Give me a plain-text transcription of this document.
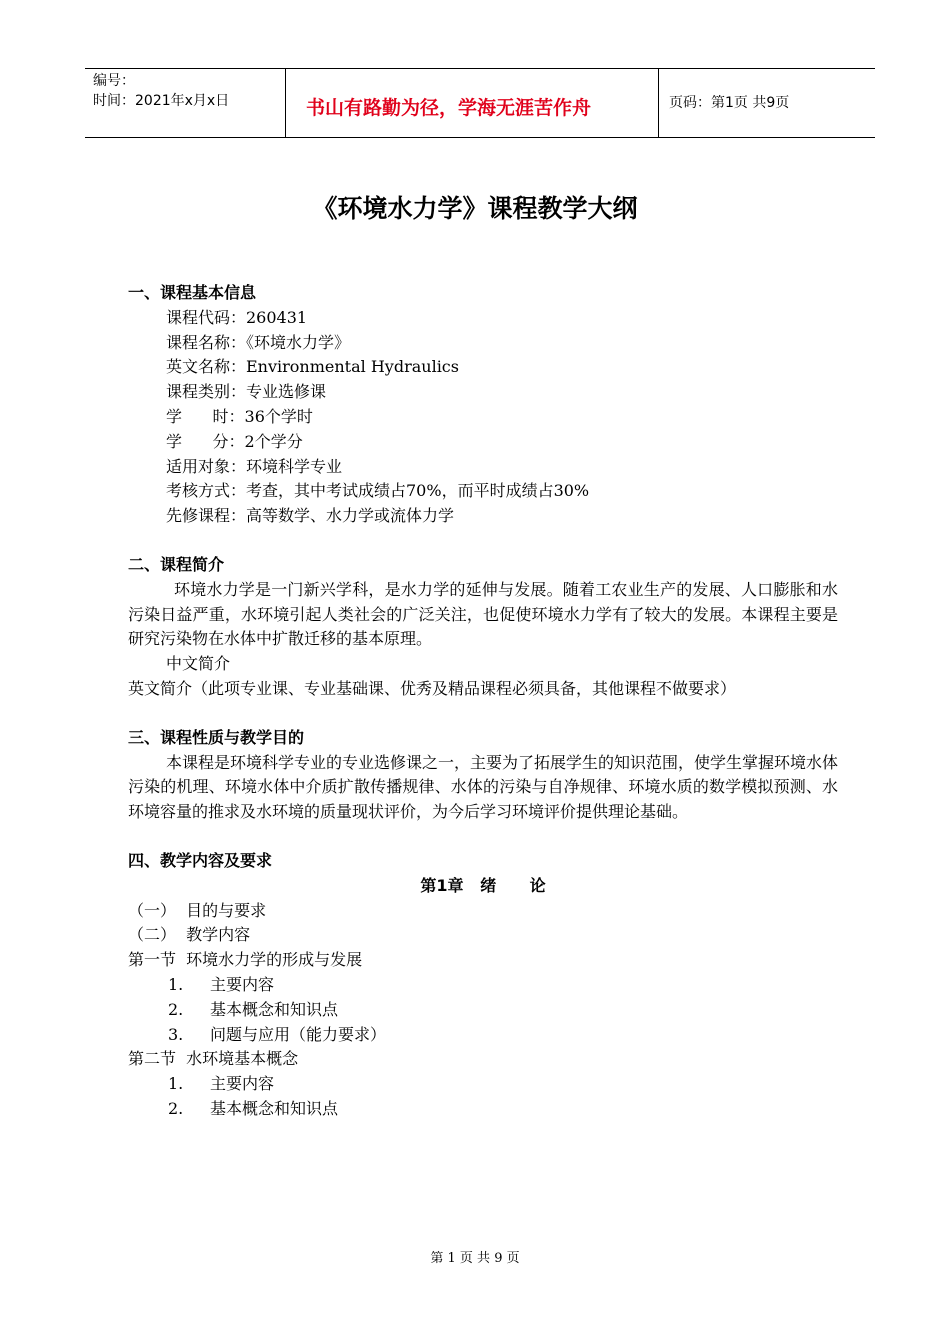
编号：
时间：2021年x月x日	书山有路勤为径，学海无涯苦作舟	页码：第1页 共9页
《环境水力学》课程教学大纲
一、课程基本信息
课程代码：260431
课程名称：《环境水力学》
英文名称：Environmental Hydraulics
课程类别：专业选修课
学      时：36个学时
学      分：2个学分
适用对象：环境科学专业
考核方式：考查，其中考试成绩占70%，而平时成绩占30%
先修课程：高等数学、水力学或流体力学
二、课程简介
环境水力学是一门新兴学科，是水力学的延伸与发展。随着工农业生产的发展、人口膨胀和水污染日益严重，水环境引起人类社会的广泛关注，也促使环境水力学有了较大的发展。本课程主要是研究污染物在水体中扩散迁移的基本原理。
中文简介
英文简介（此项专业课、专业基础课、优秀及精品课程必须具备，其他课程不做要求）
三、课程性质与教学目的
本课程是环境科学专业的专业选修课之一，主要为了拓展学生的知识范围，使学生掌握环境水体污染的机理、环境水体中介质扩散传播规律、水体的污染与自净规律、环境水质的数学模拟预测、水环境容量的推求及水环境的质量现状评价，为今后学习环境评价提供理论基础。
四、教学内容及要求
第1章   绪      论
（一）  目的与要求
（二）  教学内容
第一节  环境水力学的形成与发展
1. 主要内容
2. 基本概念和知识点
3. 问题与应用（能力要求）
第二节  水环境基本概念
1. 主要内容
2. 基本概念和知识点
第 1 页 共 9 页
